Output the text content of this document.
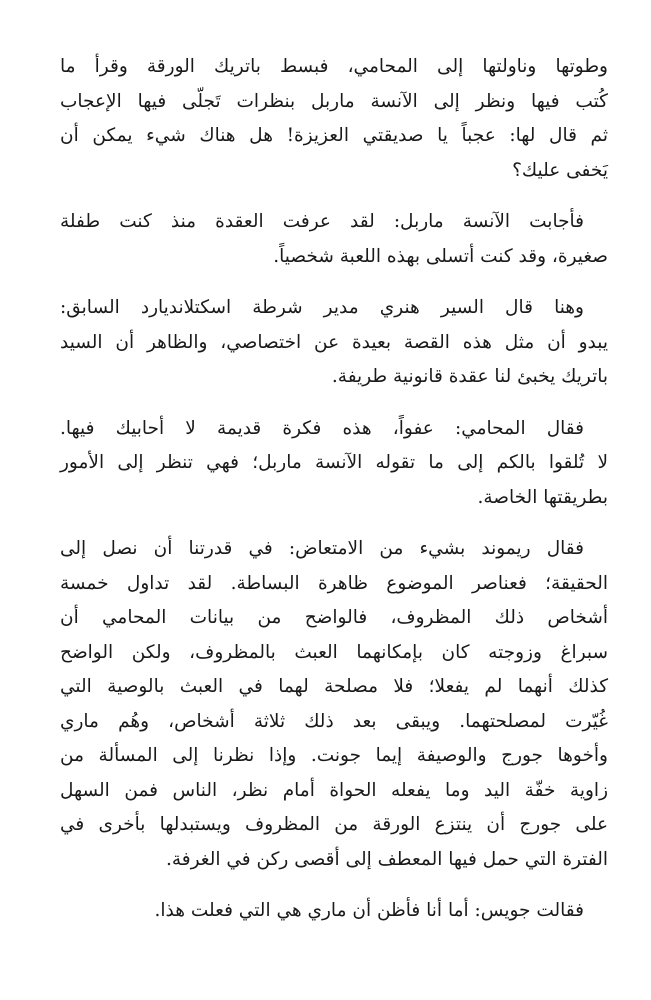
وطوتها وناولتها إلى المحامي، فبسط باتريك الورقة وقرأ ما
كُتب فيها ونظر إلى الآنسة ماربل بنظرات تَجلّى فيها الإعجاب
ثم قال لها: عجباً يا صديقتي العزيزة! هل هناك شيء يمكن أن
يَخفى عليك؟
فأجابت الآنسة ماربل: لقد عرفت العقدة منذ كنت طفلة
صغيرة، وقد كنت أتسلى بهذه اللعبة شخصياً.
وهنا قال السير هنري مدير شرطة اسكتلانديارد السابق:
يبدو أن مثل هذه القصة بعيدة عن اختصاصي، والظاهر أن السيد
باتريك يخبئ لنا عقدة قانونية طريفة.
فقال المحامي: عفواً، هذه فكرة قديمة لا أحابيك فيها.
لا تُلقوا بالكم إلى ما تقوله الآنسة ماربل؛ فهي تنظر إلى الأمور
بطريقتها الخاصة.
فقال ريموند بشيء من الامتعاض: في قدرتنا أن نصل إلى
الحقيقة؛ فعناصر الموضوع ظاهرة البساطة. لقد تداول خمسة
أشخاص ذلك المظروف، فالواضح من بيانات المحامي أن
سبراغ وزوجته كان بإمكانهما العبث بالمظروف، ولكن الواضح
كذلك أنهما لم يفعلا؛ فلا مصلحة لهما في العبث بالوصية التي
غُيّرت لمصلحتهما. ويبقى بعد ذلك ثلاثة أشخاص، وهُم ماري
وأخوها جورج والوصيفة إيما جونت. وإذا نظرنا إلى المسألة من
زاوية خفّة اليد وما يفعله الحواة أمام نظر، الناس فمن السهل
على جورج أن ينتزع الورقة من المظروف ويستبدلها بأخرى في
الفترة التي حمل فيها المعطف إلى أقصى ركن في الغرفة.
فقالت جويس: أما أنا فأظن أن ماري هي التي فعلت هذا.
